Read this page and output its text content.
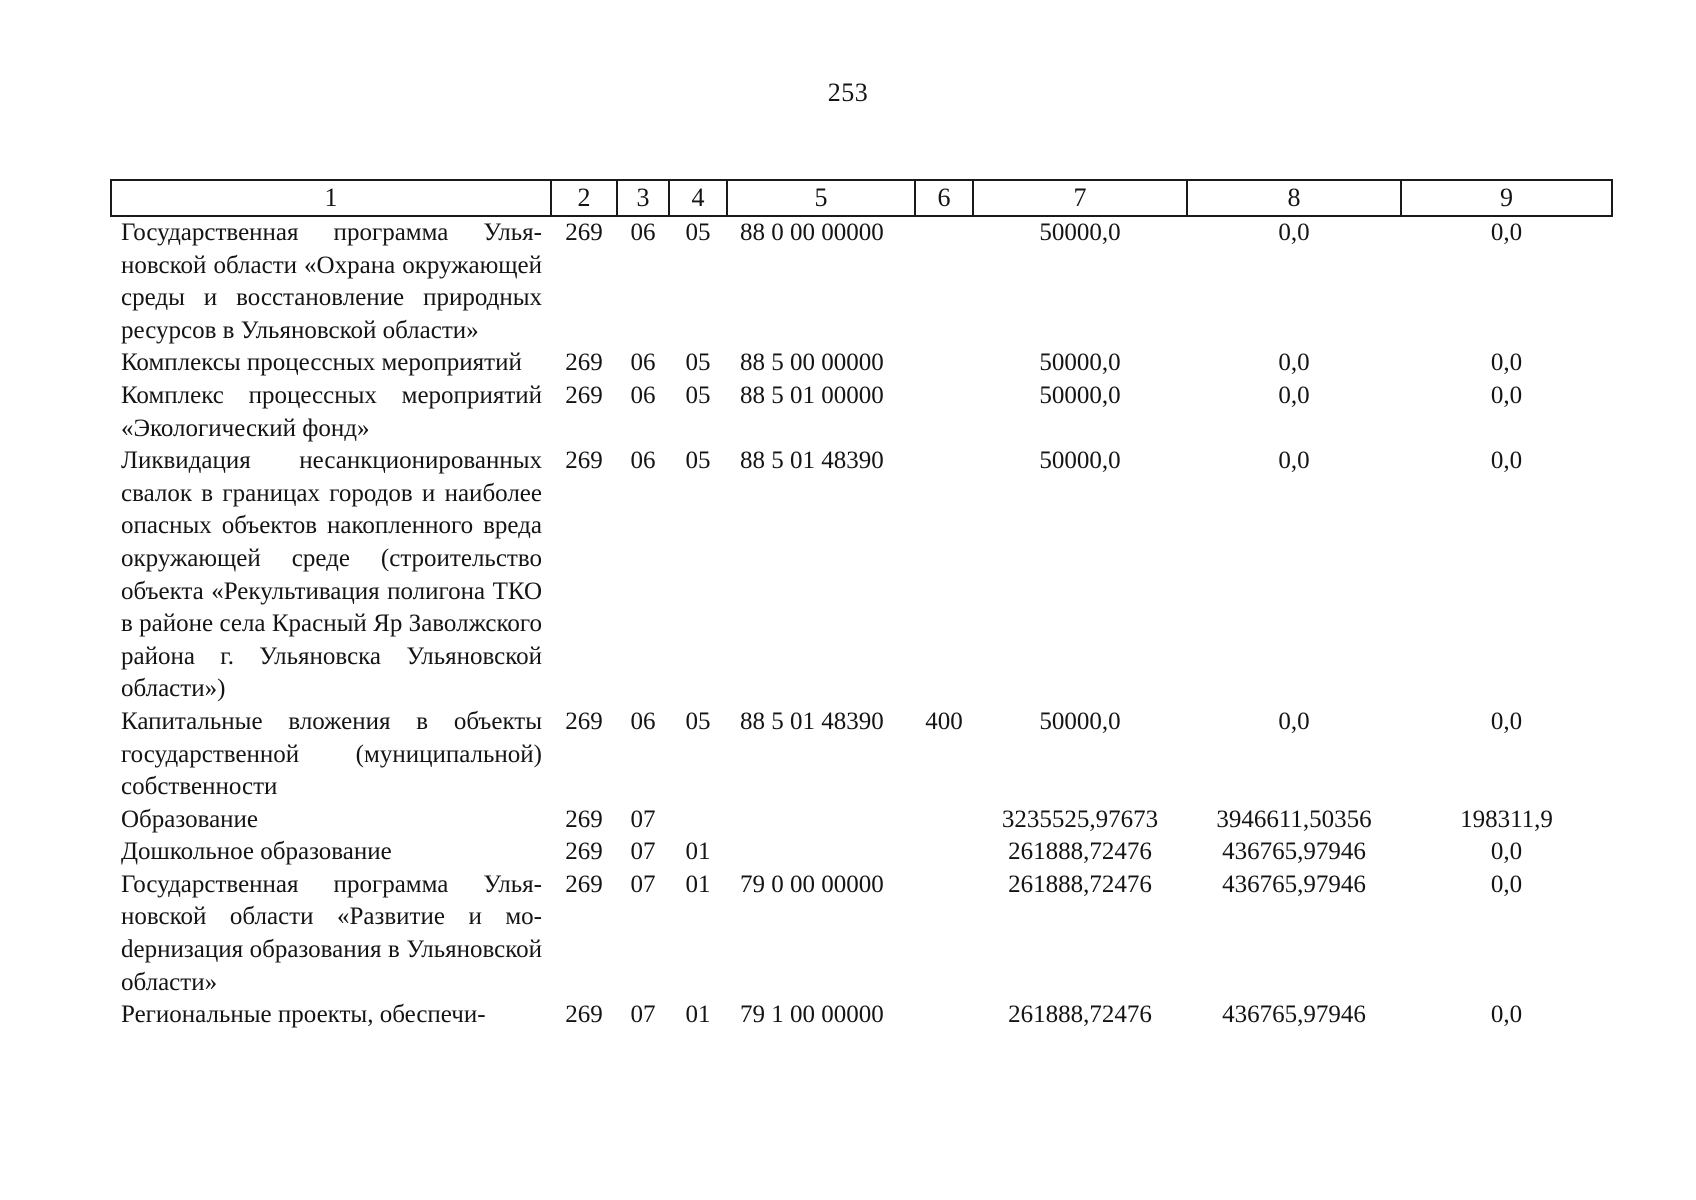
253
1	2	3	4	5	6	7	8	9
Государственная программа Ульяновской области «Охрана окружающей среды и восстановление природных ресурсов в Ульяновской области»	269	06	05	88 0 00 00000		50000,0	0,0	0,0
Комплексы процессных мероприятий	269	06	05	88 5 00 00000		50000,0	0,0	0,0
Комплекс процессных мероприятий «Экологический фонд»	269	06	05	88 5 01 00000		50000,0	0,0	0,0
Ликвидация несанкционированных свалок в границах городов и наиболее опасных объектов накопленного вреда окружающей среде (строительство объекта «Рекультивация полигона ТКО в районе села Красный Яр Заволжского района г. Ульяновска Ульяновской области»)	269	06	05	88 5 01 48390		50000,0	0,0	0,0
Капитальные вложения в объекты государственной (муниципальной) собственности	269	06	05	88 5 01 48390	400	50000,0	0,0	0,0
Образование	269	07				3235525,97673	3946611,50356	198311,9
Дошкольное образование	269	07	01			261888,72476	436765,97946	0,0
Государственная программа Ульяновской области «Развитие и моdернизация образования в Ульяновской области»	269	07	01	79 0 00 00000		261888,72476	436765,97946	0,0
Региональные проекты, обеспечи-	269	07	01	79 1 00 00000		261888,72476	436765,97946	0,0
